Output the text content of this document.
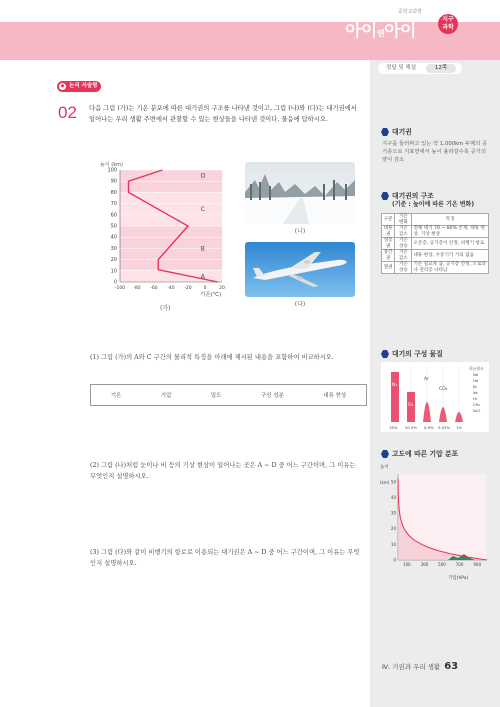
중학교과학
아이앤아이
지구
과학
정답 및 해설	12쪽
◆ 논리 서술형
02 다음 그림 (가)는 기온 분포에 따른 대기권의 구조를 나타낸 것이고, 그림 (나)와 (다)는 대기권에서 일어나는 우리 생활 주변에서 관찰할 수 있는 현상들을 나타낸 것이다. 물음에 답하시오.
높이 (km)
100
90
80
70
60
50
40
30
20
10
0
-100 -80 -60 -40 -20	0	20
D
C
B
A
기온(℃)
(가)
(나)
(다)
(1) 그림 (가)의 A와 C 구간의 물리적 특징을 아래에 제시된 내용을 포함하여 비교하시오.
기온	기압	밀도	구성 성분	대류 현상
(2) 그림 (나)처럼 눈이나 비 등의 기상 현상이 일어나는 곳은 A ~ D 중 어느 구간이며, 그 이유는 무엇인지 설명하시오.
(3) 그림 (다)와 같이 비행기의 항로로 이용되는 대기권은 A ~ D 중 어느 구간이며, 그 이유는 무엇인지 설명하시오.
대기권
지구를 둘러싸고 있는 약 1,000km 두께의 공기층으로 지표면에서 높이 올라갈수록 공기의 양이 감소
대기권의 구조
(기준 : 높이에 따른 기온 변화)
구분	기온 변화	특징
대류권	기온 감소	전체 대기 70 ~ 80% 존재, 대류 현상, 기상 현상
성층권	기온 상승	오존층, 공기층이 안정, 비행기 항로
중간권	기온 감소	대류 현상, 수증기가 거의 없음
열권	기온 상승	기온 일교차 큼, 공기층 안정, 오로라나 전리층 나타남
대기의 구성 물질
N₂
O₂
Ar
CO₂
78% 20.9% 0.9% 0.03% 1%
희유원소
Ne
He
Kr
Xe
H₂
CH₄
N₂O
고도에 따른 기압 분포
높이
(km) 50
40
30
20
10
0
100 300 500 700 900
기압(hPa)
Ⅳ. 기권과 우리 생활 63
